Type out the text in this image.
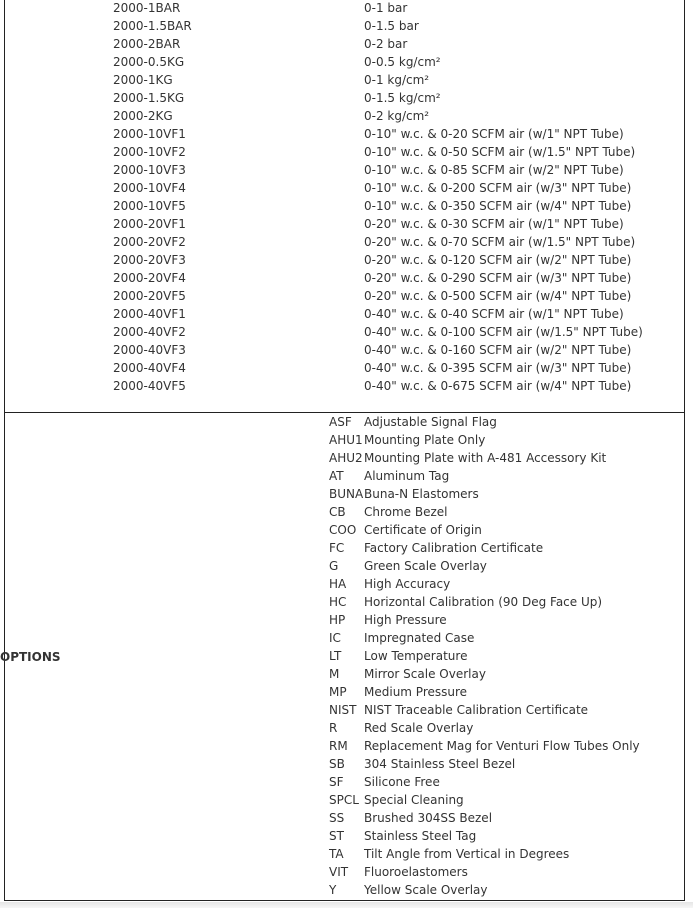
2000-1BAR	0-1 bar
2000-1.5BAR	0-1.5 bar
2000-2BAR	0-2 bar
2000-0.5KG	0-0.5 kg/cm²
2000-1KG	0-1 kg/cm²
2000-1.5KG	0-1.5 kg/cm²
2000-2KG	0-2 kg/cm²
2000-10VF1	0-10" w.c. & 0-20 SCFM air (w/1" NPT Tube)
2000-10VF2	0-10" w.c. & 0-50 SCFM air (w/1.5" NPT Tube)
2000-10VF3	0-10" w.c. & 0-85 SCFM air (w/2" NPT Tube)
2000-10VF4	0-10" w.c. & 0-200 SCFM air (w/3" NPT Tube)
2000-10VF5	0-10" w.c. & 0-350 SCFM air (w/4" NPT Tube)
2000-20VF1	0-20" w.c. & 0-30 SCFM air (w/1" NPT Tube)
2000-20VF2	0-20" w.c. & 0-70 SCFM air (w/1.5" NPT Tube)
2000-20VF3	0-20" w.c. & 0-120 SCFM air (w/2" NPT Tube)
2000-20VF4	0-20" w.c. & 0-290 SCFM air (w/3" NPT Tube)
2000-20VF5	0-20" w.c. & 0-500 SCFM air (w/4" NPT Tube)
2000-40VF1	0-40" w.c. & 0-40 SCFM air (w/1" NPT Tube)
2000-40VF2	0-40" w.c. & 0-100 SCFM air (w/1.5" NPT Tube)
2000-40VF3	0-40" w.c. & 0-160 SCFM air (w/2" NPT Tube)
2000-40VF4	0-40" w.c. & 0-395 SCFM air (w/3" NPT Tube)
2000-40VF5	0-40" w.c. & 0-675 SCFM air (w/4" NPT Tube)
ASF Adjustable Signal Flag
AHU1 Mounting Plate Only
AHU2 Mounting Plate with A-481 Accessory Kit
AT Aluminum Tag
BUNA Buna-N Elastomers
CB Chrome Bezel
COO Certificate of Origin
FC Factory Calibration Certificate
G Green Scale Overlay
HA High Accuracy
HC Horizontal Calibration (90 Deg Face Up)
HP High Pressure
IC Impregnated Case
LT Low Temperature
M Mirror Scale Overlay
MP Medium Pressure
NIST NIST Traceable Calibration Certificate
R Red Scale Overlay
RM Replacement Mag for Venturi Flow Tubes Only
SB 304 Stainless Steel Bezel
SF Silicone Free
SPCL Special Cleaning
SS Brushed 304SS Bezel
ST Stainless Steel Tag
TA Tilt Angle from Vertical in Degrees
VIT Fluoroelastomers
Y Yellow Scale Overlay
OPTIONS
